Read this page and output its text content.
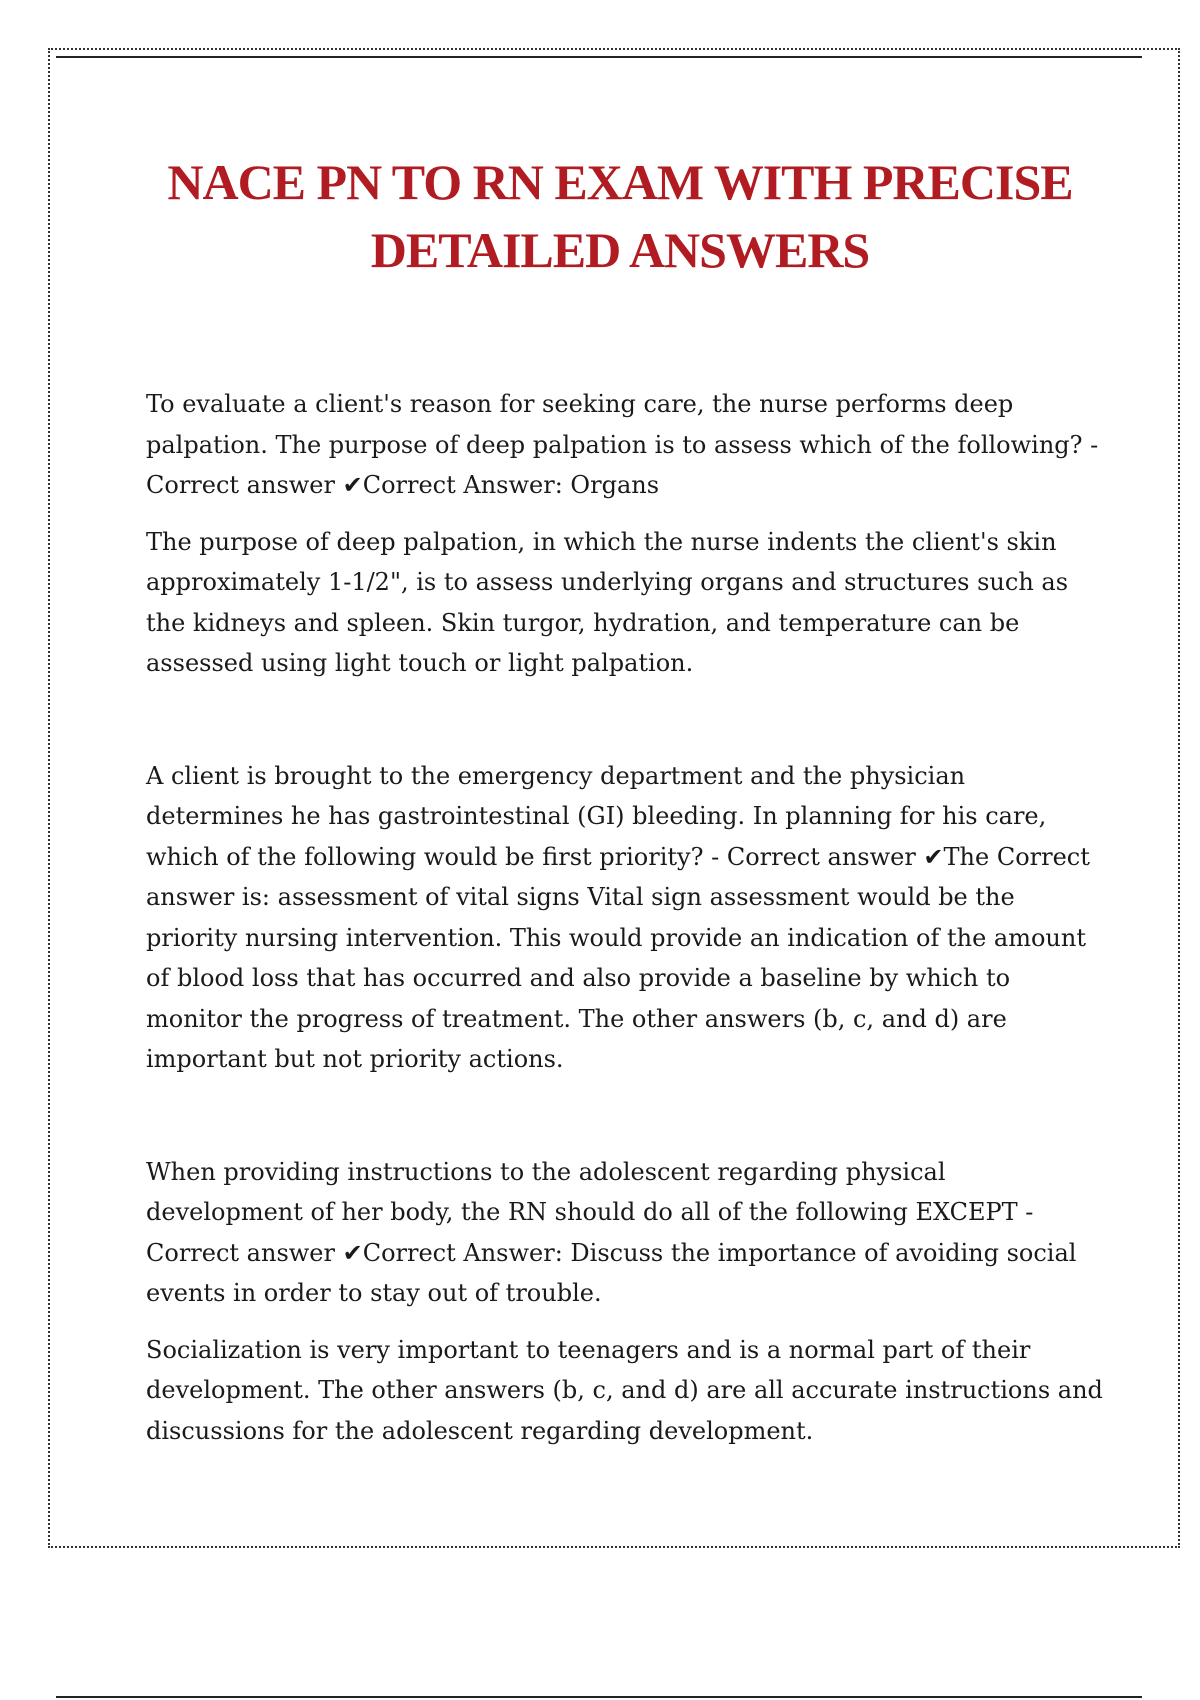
NACE PN TO RN EXAM WITH PRECISE
DETAILED ANSWERS

To evaluate a client's reason for seeking care, the nurse performs deep palpation. The purpose of deep palpation is to assess which of the following? - Correct answer ✔Correct Answer: Organs

The purpose of deep palpation, in which the nurse indents the client's skin approximately 1-1/2", is to assess underlying organs and structures such as the kidneys and spleen. Skin turgor, hydration, and temperature can be assessed using light touch or light palpation.

A client is brought to the emergency department and the physician determines he has gastrointestinal (GI) bleeding. In planning for his care, which of the following would be first priority? - Correct answer ✔The Correct answer is: assessment of vital signs Vital sign assessment would be the priority nursing intervention. This would provide an indication of the amount of blood loss that has occurred and also provide a baseline by which to monitor the progress of treatment. The other answers (b, c, and d) are important but not priority actions.

When providing instructions to the adolescent regarding physical development of her body, the RN should do all of the following EXCEPT - Correct answer ✔Correct Answer: Discuss the importance of avoiding social events in order to stay out of trouble.

Socialization is very important to teenagers and is a normal part of their development. The other answers (b, c, and d) are all accurate instructions and discussions for the adolescent regarding development.
